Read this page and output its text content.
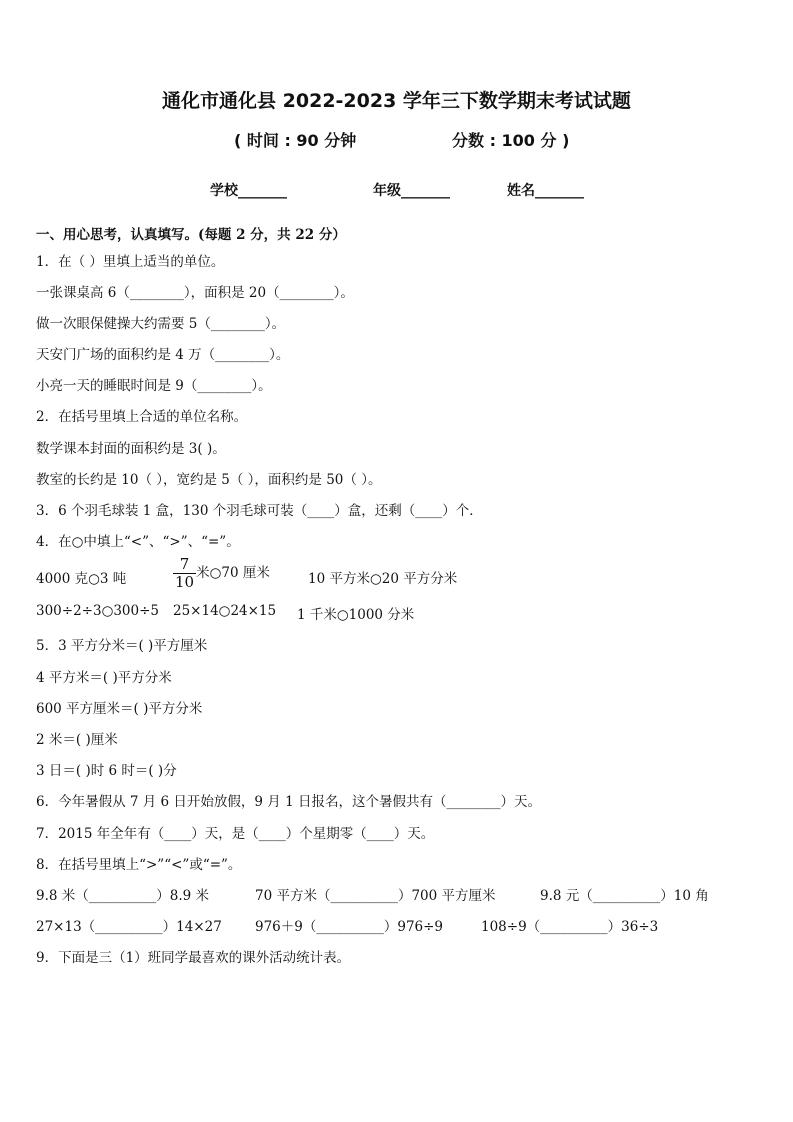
通化市通化县 2022-2023 学年三下数学期末考试试题
( 时间 : 90 分钟	分数 : 100 分 )
学校_______	年级_______	姓名_______
一、用心思考，认真填写。(每题 2 分，共 22 分）
1．在（ ）里填上适当的单位。
一张课桌高 6（________），面积是 20（________）。
做一次眼保健操大约需要 5（________）。
天安门广场的面积约是 4 万（________）。
小亮一天的睡眠时间是 9（________）。
2．在括号里填上合适的单位名称。
数学课本封面的面积约是 3( )。
教室的长约是 10（ ），宽约是 5（ ），面积约是 50（ ）。
3．6 个羽毛球装 1 盒，130 个羽毛球可装（____）盒，还剩（____）个．
4．在○中填上“<”、“>”、“=”。
4000 克○3 吨	$\frac{7}{10}$ 米○70 厘米	10 平方米○20 平方分米
300÷2÷3○300÷5 25×14○24×15 1 千米○1000 分米
5．3 平方分米＝( )平方厘米
4 平方米＝( )平方分米
600 平方厘米＝( )平方分米
2 米＝( )厘米
3 日＝( )时 6 时＝( )分
6．今年暑假从 7 月 6 日开始放假，9 月 1 日报名，这个暑假共有（________）天。
7．2015 年全年有（____）天，是（____）个星期零（____）天。
8．在括号里填上“>”“<”或“=”。
9.8 米（__________）8.9 米	70 平方米（__________）700 平方厘米	9.8 元（__________）10 角
27×13（__________）14×27 976＋9（__________）976÷9	108÷9（__________）36÷3
9．下面是三（1）班同学最喜欢的课外活动统计表。
